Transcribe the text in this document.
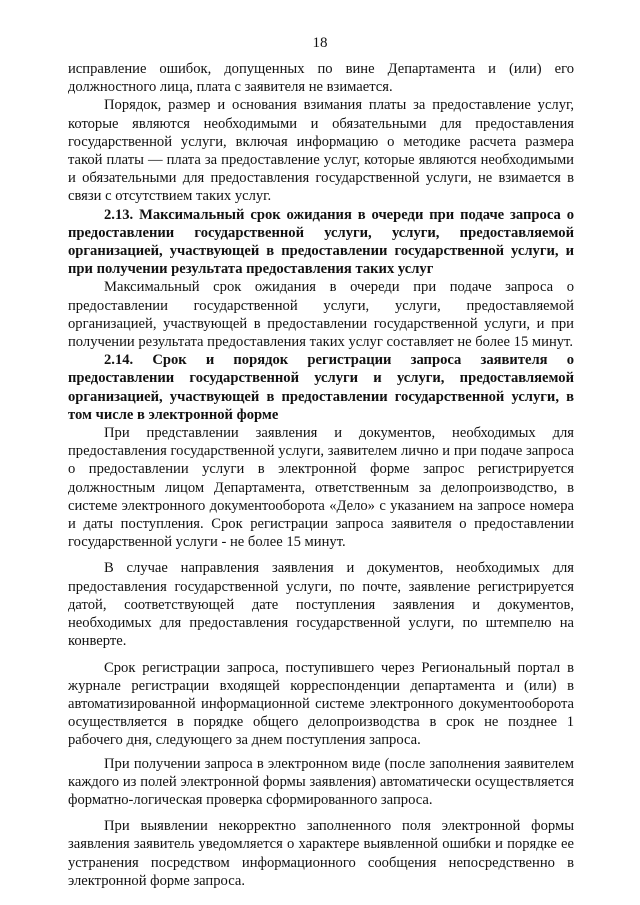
18

исправление ошибок, допущенных по вине Департамента и (или) его должностного лица, плата с заявителя не взимается.

Порядок, размер и основания взимания платы за предоставление услуг, которые являются необходимыми и обязательными для предоставления государственной услуги, включая информацию о методике расчета размера такой платы — плата за предоставление услуг, которые являются необходимыми и обязательными для предоставления государственной услуги, не взимается в связи с отсутствием таких услуг.

2.13. Максимальный срок ожидания в очереди при подаче запроса о предоставлении государственной услуги, услуги, предоставляемой организацией, участвующей в предоставлении государственной услуги, и при получении результата предоставления таких услуг

Максимальный срок ожидания в очереди при подаче запроса о предоставлении государственной услуги, услуги, предоставляемой организацией, участвующей в предоставлении государственной услуги, и при получении результата предоставления таких услуг составляет не более 15 минут.

2.14. Срок и порядок регистрации запроса заявителя о предоставлении государственной услуги и услуги, предоставляемой организацией, участвующей в предоставлении государственной услуги, в том числе в электронной форме

При представлении заявления и документов, необходимых для предоставления государственной услуги, заявителем лично и при подаче запроса о предоставлении услуги в электронной форме запрос регистрируется должностным лицом Департамента, ответственным за делопроизводство, в системе электронного документооборота «Дело» с указанием на запросе номера и даты поступления. Срок регистрации запроса заявителя о предоставлении государственной услуги - не более 15 минут.

В случае направления заявления и документов, необходимых для предоставления государственной услуги, по почте, заявление регистрируется датой, соответствующей дате поступления заявления и документов, необходимых для предоставления государственной услуги, по штемпелю на конверте.

Срок регистрации запроса, поступившего через Региональный портал в журнале регистрации входящей корреспонденции департамента и (или) в автоматизированной информационной системе электронного документооборота осуществляется в порядке общего делопроизводства в срок не позднее 1 рабочего дня, следующего за днем поступления запроса.

При получении запроса в электронном виде (после заполнения заявителем каждого из полей электронной формы заявления) автоматически осуществляется форматно-логическая проверка сформированного запроса.

При выявлении некорректно заполненного поля электронной формы заявления заявитель уведомляется о характере выявленной ошибки и порядке ее устранения посредством информационного сообщения непосредственно в электронной форме запроса.
